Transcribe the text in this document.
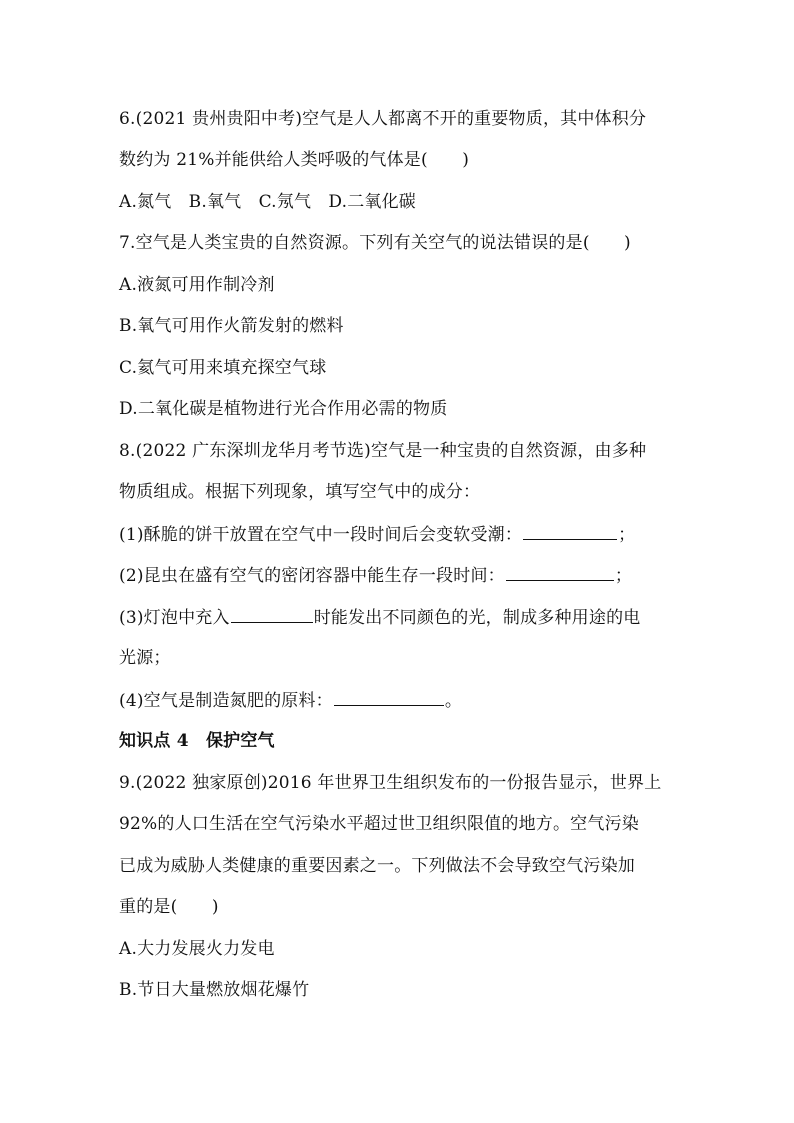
6.(2021 贵州贵阳中考)空气是人人都离不开的重要物质，其中体积分
数约为 21%并能供给人类呼吸的气体是(　　)
A.氮气　B.氧气　C.氖气　D.二氧化碳
7.空气是人类宝贵的自然资源。下列有关空气的说法错误的是(　　)
A.液氮可用作制冷剂
B.氧气可用作火箭发射的燃料
C.氦气可用来填充探空气球
D.二氧化碳是植物进行光合作用必需的物质
8.(2022 广东深圳龙华月考节选)空气是一种宝贵的自然资源，由多种
物质组成。根据下列现象，填写空气中的成分：
(1)酥脆的饼干放置在空气中一段时间后会变软受潮：	；
(2)昆虫在盛有空气的密闭容器中能生存一段时间：	；
(3)灯泡中充入	时能发出不同颜色的光，制成多种用途的电
光源；
(4)空气是制造氮肥的原料：	。
知识点 4　保护空气
9.(2022 独家原创)2016 年世界卫生组织发布的一份报告显示，世界上
92%的人口生活在空气污染水平超过世卫组织限值的地方。空气污染
已成为威胁人类健康的重要因素之一。下列做法不会导致空气污染加
重的是(　　)
A.大力发展火力发电
B.节日大量燃放烟花爆竹
